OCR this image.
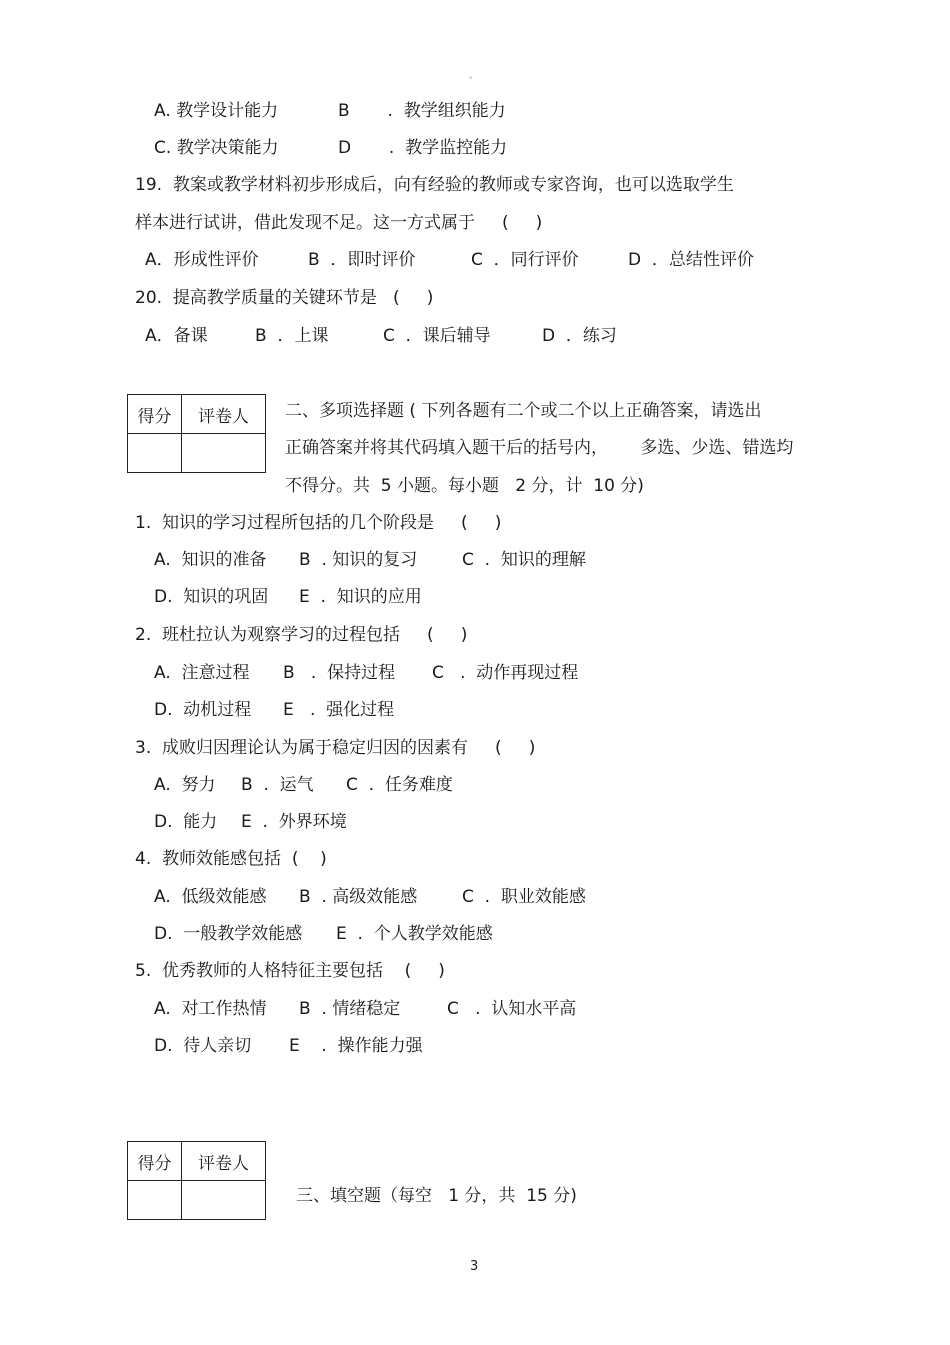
。
A. 教学设计能力	B .  教学组织能力
C. 教学决策能力	D .  教学监控能力
19.  教案或教学材料初步形成后，向有经验的教师或专家咨询，也可以选取学生
样本进行试讲，借此发现不足。这一方式属于     (     )
A．形成性评价	B  ．即时评价	C  ．同行评价	D  ．总结性评价
20.  提高教学质量的关键环节是   (     )
A．备课	B  ．上课	C  ．课后辅导	D  ．练习
得分	评卷人
	二、多项选择题 ( 下列各题有二个或二个以上正确答案，请选出
正确答案并将其代码填入题干后的括号内，      多选、少选、错选均
不得分。共  5 小题。每小题   2 分，计  10 分)
1.  知识的学习过程所包括的几个阶段是     (     )
A.  知识的准备 B  . 知识的复习	C  .  知识的理解
D.  知识的巩固 E  .  知识的应用
2.  班杜拉认为观察学习的过程包括     (     )
A.  注意过程 B   .  保持过程 C   .  动作再现过程
D.  动机过程 E   .  强化过程
3.  成败归因理论认为属于稳定归因的因素有     (     )
A.  努力 B  .  运气 C  .  任务难度
D.  能力 E  .  外界环境
4.  教师效能感包括  (    )
A.  低级效能感 B  . 高级效能感	C  .  职业效能感
D.  一般教学效能感 E  .  个人教学效能感
5.  优秀教师的人格特征主要包括    (     )
A.  对工作热情 B  . 情绪稳定	C   .  认知水平高
D.  待人亲切 E    .  操作能力强
得分	评卷人

三、填空题（每空   1 分，共  15 分)
3
